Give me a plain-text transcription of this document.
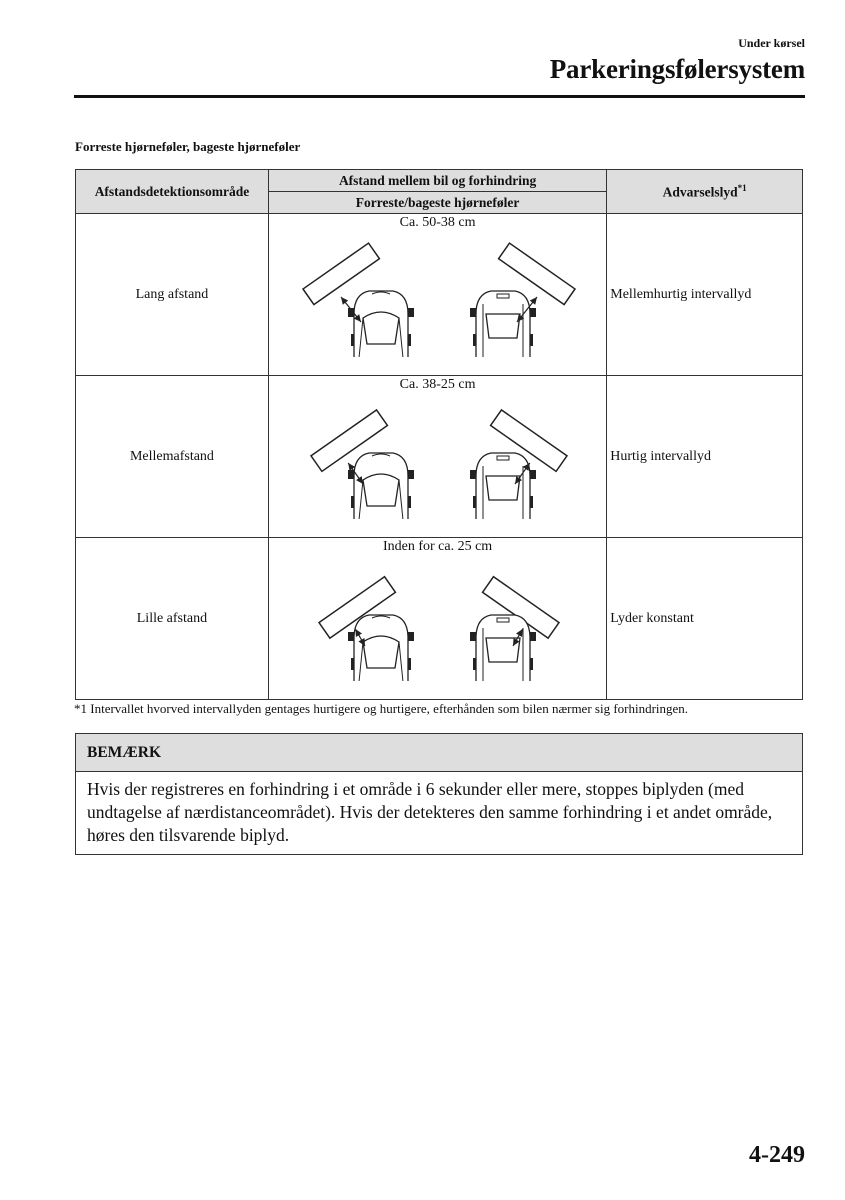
Under kørsel
Parkeringsfølersystem
Forreste hjørneføler, bageste hjørneføler
Afstandsdetektionsområde	Afstand mellem bil og forhindring	Advarselslyd$^{*1}$
	Forreste/bageste hjørneføler	
Lang afstand	Ca. 50-38 cm	Mellemhurtig intervallyd
Mellemafstand	Ca. 38-25 cm	Hurtig intervallyd
Lille afstand	Inden for ca. 25 cm	Lyder konstant
*1 Intervallet hvorved intervallyden gentages hurtigere og hurtigere, efterhånden som bilen nærmer sig forhindringen.
BEMÆRK
Hvis der registreres en forhindring i et område i 6 sekunder eller mere, stoppes biplyden (med undtagelse af nærdistanceområdet). Hvis der detekteres den samme forhindring i et andet område, høres den tilsvarende biplyd.
4-249
